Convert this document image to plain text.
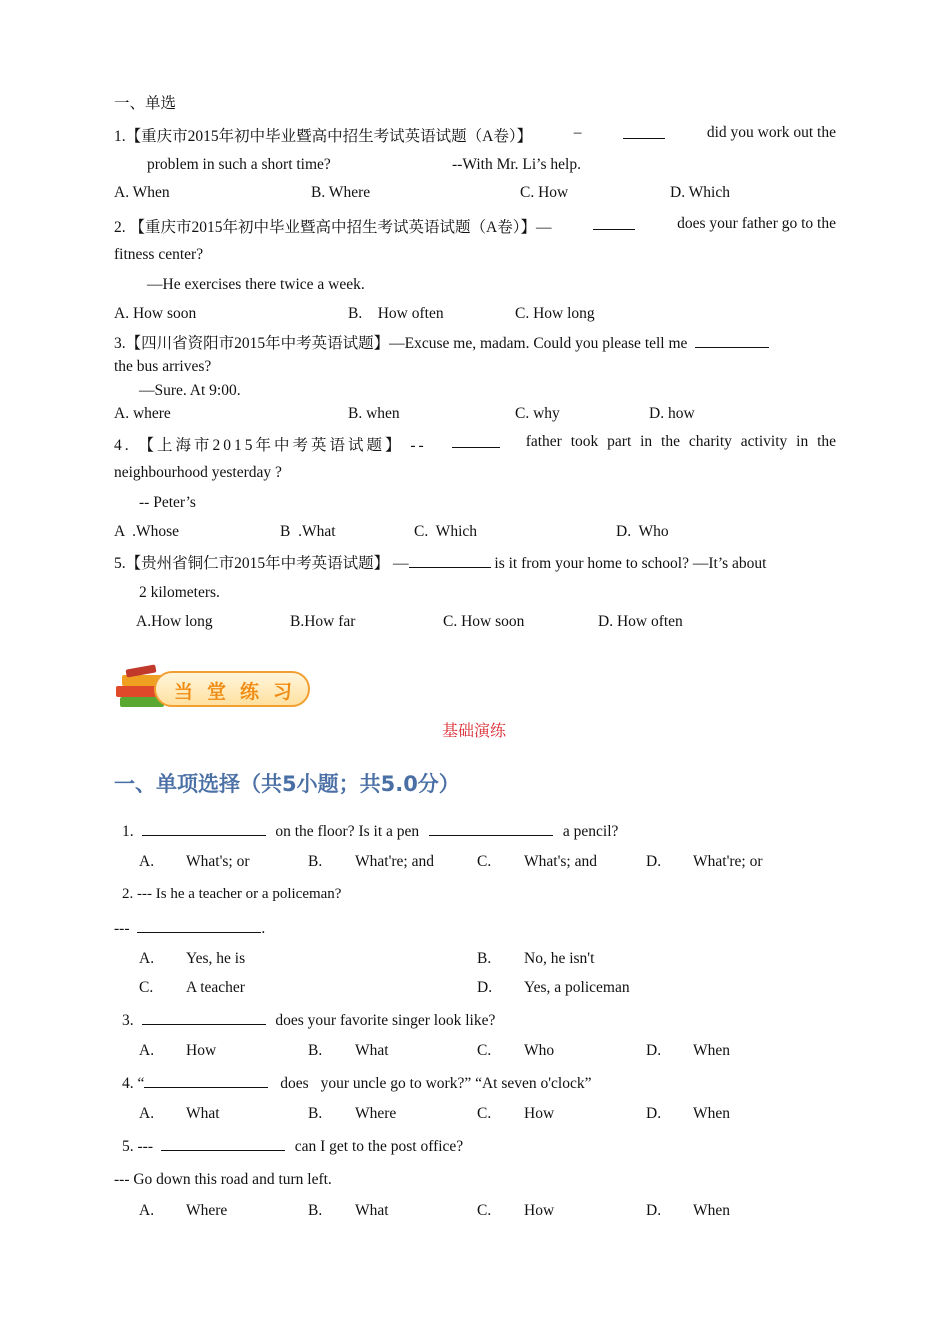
一、单选
1.【重庆市2015年初中毕业暨高中招生考试英语试题（A卷）】	–	did you work out the
problem in such a short time?	--With Mr. Li’s help.
A. When	B. Where	C. How	D. Which
2. 【重庆市2015年初中毕业暨高中招生考试英语试题（A卷）】—	does your father go to the
fitness center?
—He exercises there twice a week.
A. How soon	B.    How often	C. How long
3.【四川省资阳市2015年中考英语试题】—Excuse me, madam. Could you please tell me
the bus arrives?
—Sure. At 9:00.
A. where	B. when	C. why	D. how
4. 【上海市2015年中考英语试题】 --	father took part in the charity activity in the
neighbourhood yesterday ?
-- Peter’s
A  .Whose	B  .What	C.  Which	D.  Who
5.【贵州省铜仁市2015年中考英语试题】 —	is it from your home to school? —It’s about
2 kilometers.
A.How long	B.How far	C. How soon	D. How often
当堂练习
基础演练
一、单项选择（共5小题；共5.0分）
1.	on the floor? Is it a pen	a pencil?
A. What's; or	B. What're; and	C. What's; and	D. What're; or
2. --- Is he a teacher or a policeman?
---	.
A. Yes, he is	B. No, he isn't
C. A teacher	D. Yes, a policeman
3.	does your favorite singer look like?
A. How	B. What	C. Who	D. When
4. “	does your uncle go to work?” “At seven o'clock”
A. What	B. Where	C. How	D. When
5. ---	can I get to the post office?
--- Go down this road and turn left.
A. Where	B. What	C. How	D. When
